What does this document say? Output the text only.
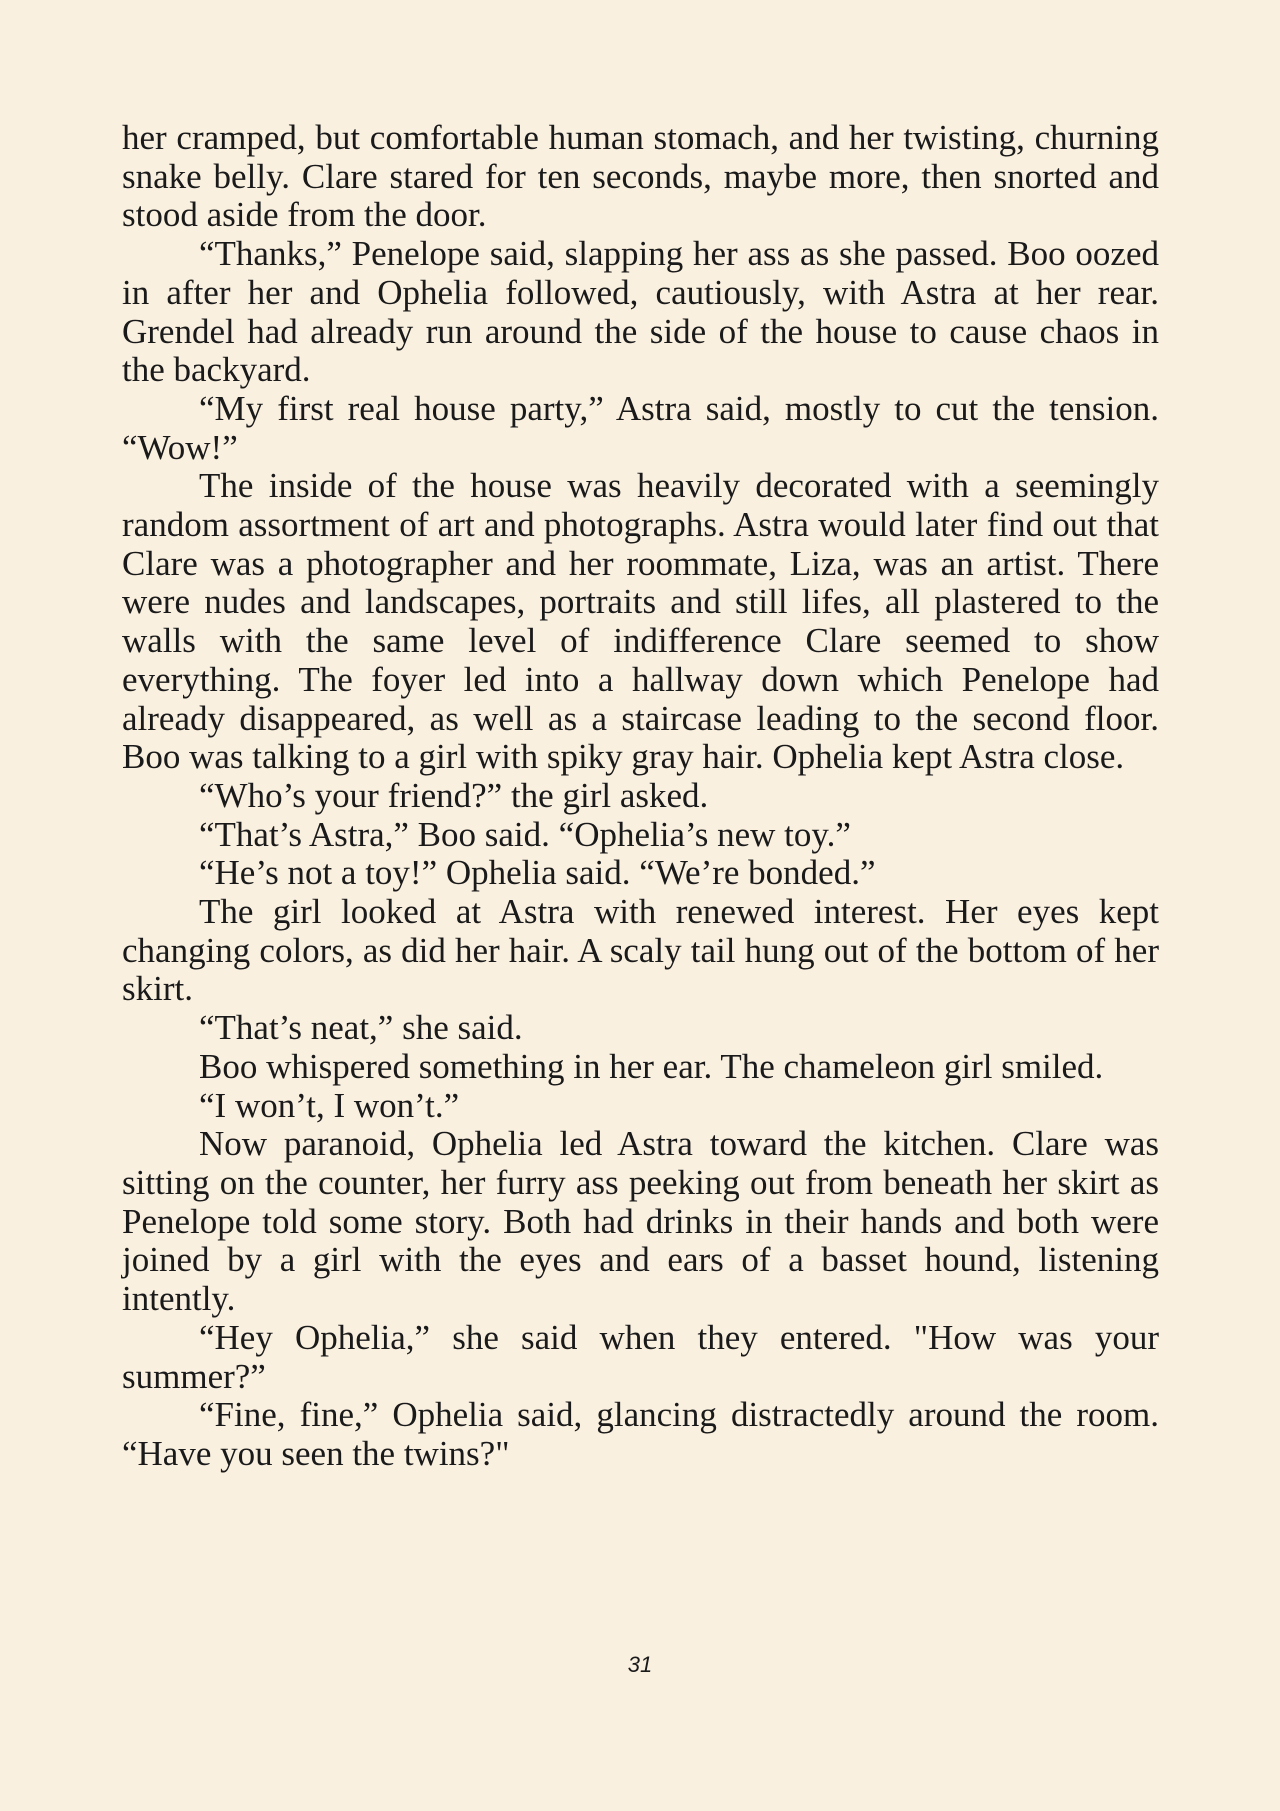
her cramped, but comfortable human stomach, and her twisting, churning snake belly. Clare stared for ten seconds, maybe more, then snorted and stood aside from the door.

“Thanks,” Penelope said, slapping her ass as she passed. Boo oozed in after her and Ophelia followed, cautiously, with Astra at her rear. Grendel had already run around the side of the house to cause chaos in the backyard.

“My first real house party,” Astra said, mostly to cut the tension. “Wow!”

The inside of the house was heavily decorated with a seemingly random assortment of art and photographs. Astra would later find out that Clare was a photographer and her roommate, Liza, was an artist. There were nudes and landscapes, portraits and still lifes, all plastered to the walls with the same level of indifference Clare seemed to show everything. The foyer led into a hallway down which Penelope had already disappeared, as well as a staircase leading to the second floor. Boo was talking to a girl with spiky gray hair. Ophelia kept Astra close.

“Who’s your friend?” the girl asked.

“That’s Astra,” Boo said. “Ophelia’s new toy.”

“He’s not a toy!” Ophelia said. “We’re bonded.”

The girl looked at Astra with renewed interest. Her eyes kept changing colors, as did her hair. A scaly tail hung out of the bottom of her skirt.

“That’s neat,” she said.

Boo whispered something in her ear. The chameleon girl smiled.

“I won’t, I won’t.”

Now paranoid, Ophelia led Astra toward the kitchen. Clare was sitting on the counter, her furry ass peeking out from beneath her skirt as Penelope told some story. Both had drinks in their hands and both were joined by a girl with the eyes and ears of a basset hound, listening intently.

“Hey Ophelia,” she said when they entered. "How was your summer?”

“Fine, fine,” Ophelia said, glancing distractedly around the room. “Have you seen the twins?"

31
